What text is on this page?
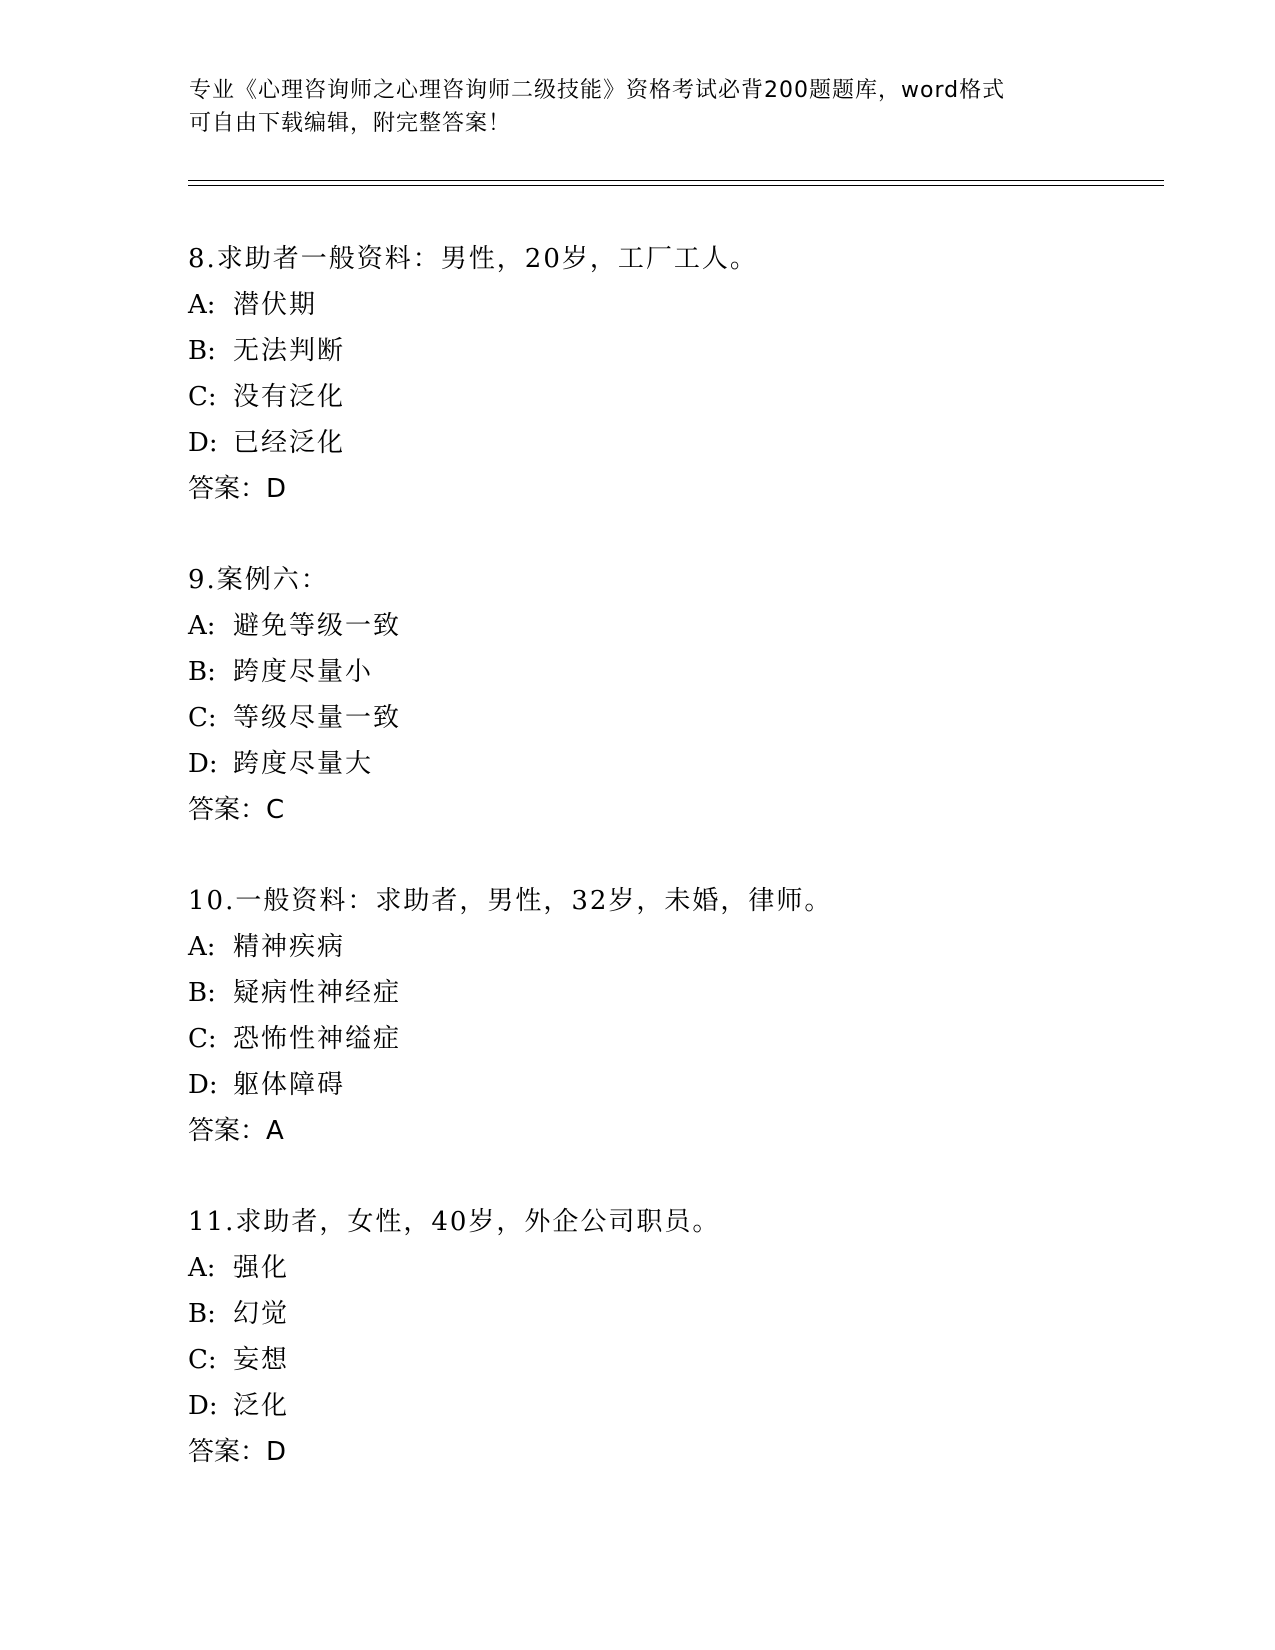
专业《心理咨询师之心理咨询师二级技能》资格考试必背200题题库，word格式
可自由下载编辑，附完整答案！
8.求助者一般资料：男性，20岁，工厂工人。
A: 潜伏期
B: 无法判断
C: 没有泛化
D: 已经泛化
答案：D
9.案例六：
A: 避免等级一致
B: 跨度尽量小
C: 等级尽量一致
D: 跨度尽量大
答案：C
10.一般资料：求助者，男性，32岁，未婚，律师。
A: 精神疾病
B: 疑病性神经症
C: 恐怖性神缢症
D: 躯体障碍
答案：A
11.求助者，女性，40岁，外企公司职员。
A: 强化
B: 幻觉
C: 妄想
D: 泛化
答案：D
